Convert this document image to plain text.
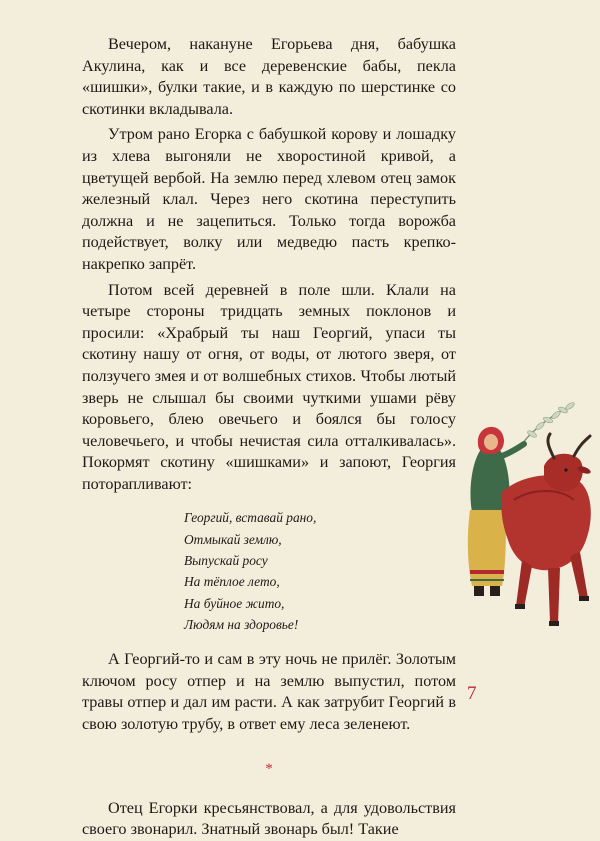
Вечером, накануне Егорьева дня, бабушка Акулина, как и все деревенские бабы, пекла «шишки», булки такие, и в каждую по шерстинке со скотинки вкладывала.

Утром рано Егорка с бабушкой корову и лошадку из хлева выгоняли не хворостиной кривой, а цветущей вербой. На землю перед хлевом отец замок железный клал. Через него скотина переступить должна и не зацепиться. Только тогда ворожба подействует, волку или медведю пасть крепко-накрепко запрёт.

Потом всей деревней в поле шли. Клали на четыре стороны тридцать земных поклонов и просили: «Храбрый ты наш Георгий, упаси ты скотину нашу от огня, от воды, от лютого зверя, от ползучего змея и от волшебных стихов. Чтобы лютый зверь не слышал бы своими чуткими ушами рёву коровьего, блею овечьего и боялся бы голосу человечьего, и чтобы нечистая сила отталкивалась». Покормят скотину «шишками» и запоют, Георгия поторапливают:

Георгий, вставай рано,
Отмыкай землю,
Выпускай росу
На тёплое лето,
На буйное жито,
Людям на здоровье!

А Георгий-то и сам в эту ночь не прилёг. Золотым ключом росу отпер и на землю выпустил, потом травы отпер и дал им расти. А как затрубит Георгий в свою золотую трубу, в ответ ему леса зеленеют.

*

Отец Егорки кресьянствовал, а для удовольствия своего звонарил. Знатный звонарь был! Такие

7
